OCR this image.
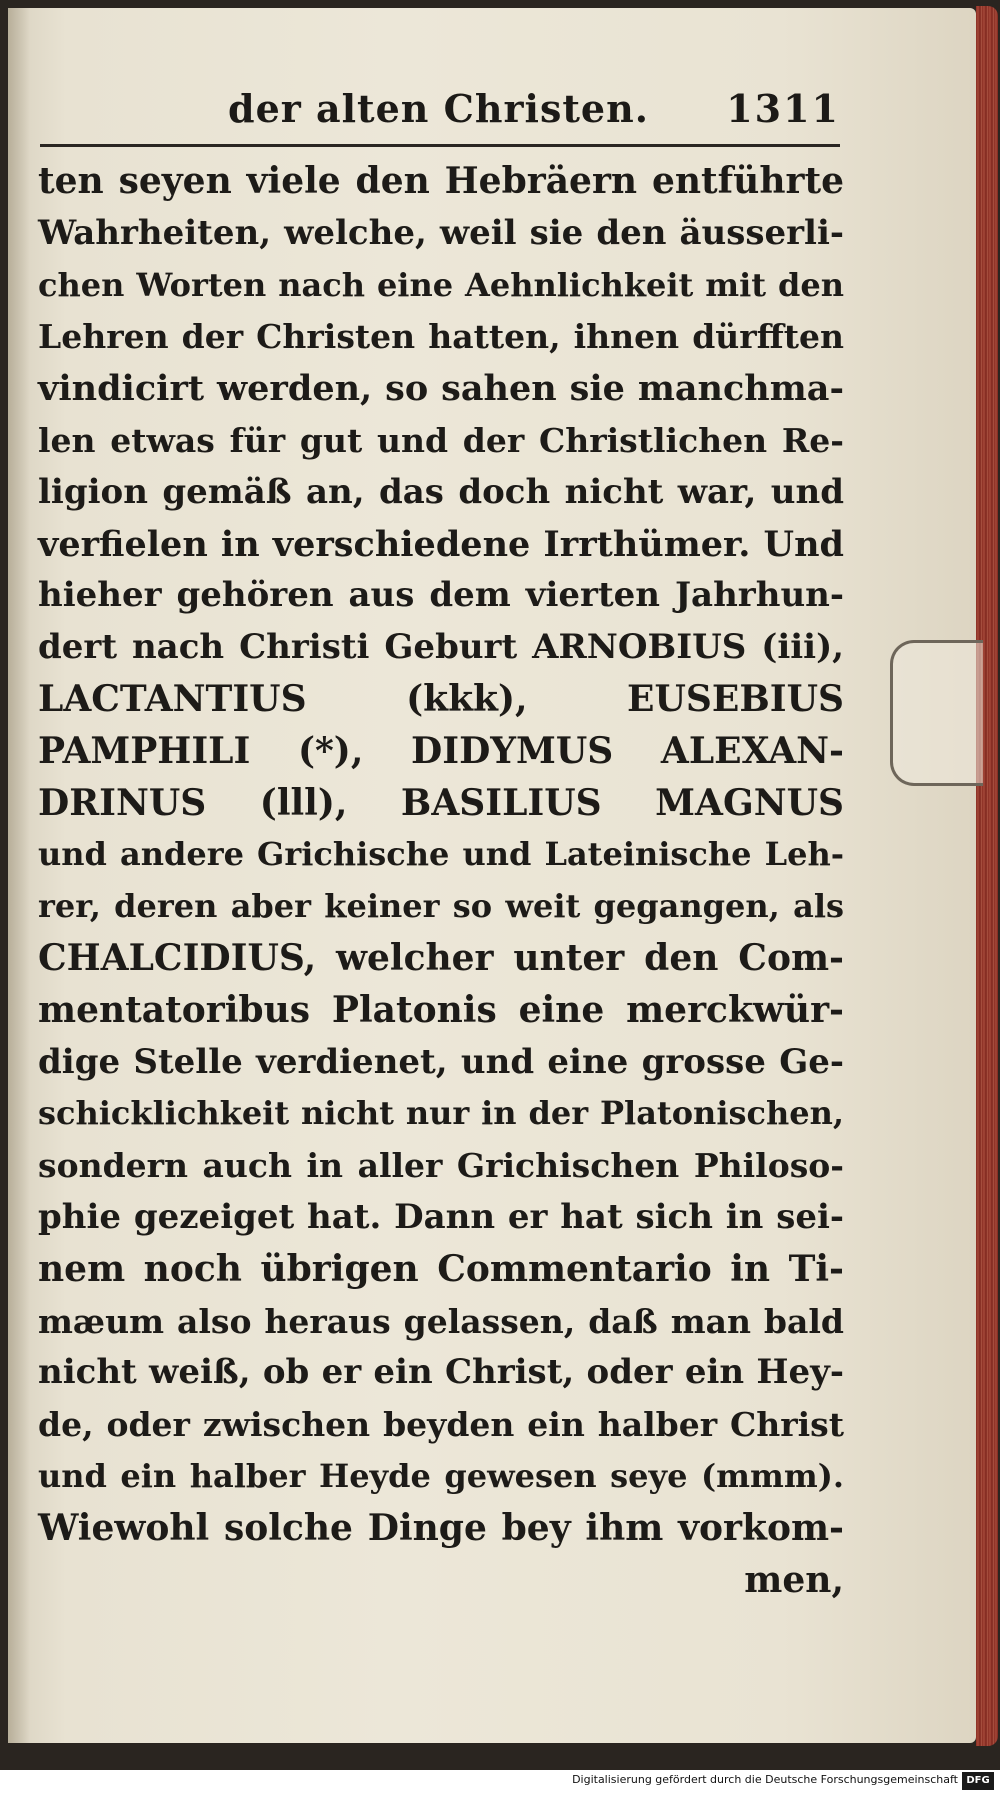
der alten Christen. 1311
ten seyen viele den Hebräern entführte
Wahrheiten, welche, weil sie den äusserli-
chen Worten nach eine Aehnlichkeit mit den
Lehren der Christen hatten, ihnen dürfften
vindicirt werden, so sahen sie manchma-
len etwas für gut und der Christlichen Re-
ligion gemäß an, das doch nicht war, und
verfielen in verschiedene Irrthümer. Und
hieher gehören aus dem vierten Jahrhun-
dert nach Christi Geburt ARNOBIUS (iii),
LACTANTIUS (kkk), EUSEBIUS
PAMPHILI (*), DIDYMUS ALEXAN-
DRINUS (lll), BASILIUS MAGNUS
und andere Grichische und Lateinische Leh-
rer, deren aber keiner so weit gegangen, als
CHALCIDIUS, welcher unter den Com-
mentatoribus Platonis eine merckwür-
dige Stelle verdienet, und eine grosse Ge-
schicklichkeit nicht nur in der Platonischen,
sondern auch in aller Grichischen Philoso-
phie gezeiget hat. Dann er hat sich in sei-
nem noch übrigen Commentario in Ti-
mæum also heraus gelassen, daß man bald
nicht weiß, ob er ein Christ, oder ein Hey-
de, oder zwischen beyden ein halber Christ
und ein halber Heyde gewesen seye (mmm).
Wiewohl solche Dinge bey ihm vorkom-
men,
Digitalisierung gefördert durch die Deutsche Forschungsgemeinschaft DFG
